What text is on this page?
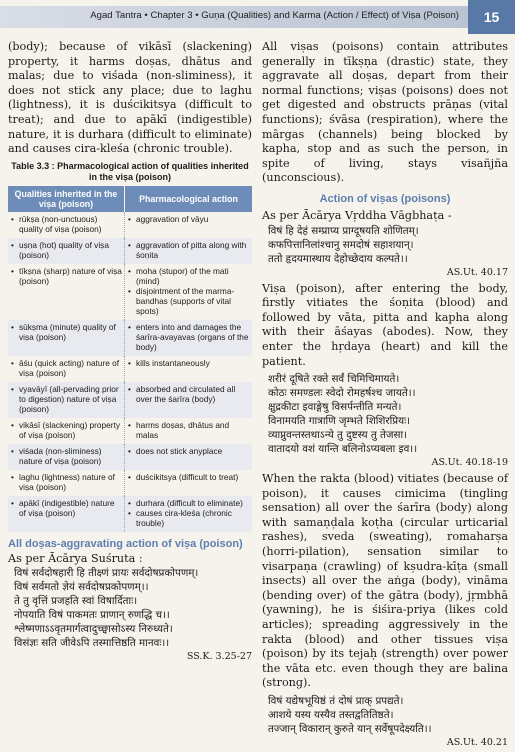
Agad Tantra • Chapter 3 • Guṇa (Qualities) and Karma (Action / Effect) of Viṣa (Poison)	15

(body); because of vikāsī (slackening) property, it harms doṣas, dhātus and malas; due to viśada (non-sliminess), it does not stick any place; due to laghu (lightness), it is duścikitsya (difficult to treat); and due to apākī (indigestible) nature, it is durhara (difficult to eliminate) and causes cira-kleśa (chronic trouble).

Table 3.3 : Pharmacological action of qualities inherited in the viṣa (poison)
Qualities inherited in the viṣa (poison)	Pharmacological action

• rūkṣa (non-unctuous) quality of viṣa (poison)	• aggravation of vāyu

• uṣṇa (hot) quality of viṣa (poison)	• aggravation of pitta along with śoṇita

• tīkṣṇa (sharp) nature of viṣa (poison)	• moha (stupor) of the mati (mind)
• disjointment of the marma-bandhas (supports of vital spots)

• sūkṣma (minute) quality of viṣa (poison)	• enters into and damages the śarīra-avayavas (organs of the body)

• āśu (quick acting) nature of viṣa (poison)	• kills instantaneously

• vyavāyī (all-pervading prior to digestion) nature of viṣa (poison)	• absorbed and circulated all over the śarīra (body)

• vikāsī (slackening) property of viṣa (poison)	• harms doṣas, dhātus and malas

• viśada (non-sliminess) nature of viṣa (poison)	• does not stick anyplace

• laghu (lightness) nature of viṣa (poison)	• duścikitsya (difficult to treat)

• apākī (indigestible) nature of viṣa (poison)	• durhara (difficult to eliminate)
• causes cira-kleśa (chronic trouble)
All doṣas-aggravating action of viṣa (poison)

As per Ācārya Suśruta :

विषं सर्वदोषहारी हि तीक्ष्णं प्रायः सर्वदोषप्रकोपणम्।
विषं सर्वमतो ज्ञेयं सर्वदोषप्रकोपणम्।।
ते तु वृत्तिं प्रजहति स्वां विषार्दिताः।
नोपयाति विषं पाकमतः प्राणान् रुणद्धि च।।
श्लेष्मणाऽऽवृतमार्गत्वादुच्छ्वासोऽस्य निरुध्यते।
विसंज्ञः सति जीवेऽपि तस्मात्तिष्ठति मानवः।।
SS.K. 3.25-27

All viṣas (poisons) contain attributes generally in tīkṣṇa (drastic) state, they aggravate all doṣas, depart from their normal functions; viṣas (poisons) does not get digested and obstructs prāṇas (vital functions); śvāsa (respiration), where the mārgas (channels) being blocked by kapha, stop and as such the person, in spite of living, stays visañjña (unconscious).

Action of viṣas (poisons)

As per Ācārya Vṛddha Vāgbhaṭa -

विषं हि देहं सम्प्राप्य प्राग्दूषयति शोणितम्।
कफपित्तानिलांश्चानु समदोषं सहाशयान्।
ततो हृदयमास्थाय देहोच्छेदाय कल्पते।।
AS.Ut. 40.17

Viṣa (poison), after entering the body, firstly vitiates the śoṇita (blood) and followed by vāta, pitta and kapha along with their āśayas (abodes). Now, they enter the hṛdaya (heart) and kill the patient.

शरीरं दूषिते रक्ते सर्वं चिमिचिमायते।
कोठः समण्डलः स्वेदो रोमहर्षश्च जायते।।
क्षुद्रकीटा इवाङ्गेषु विसर्पन्तीति मन्यते।
विनामयति गात्राणि जृम्भते शिशिरप्रियः।
व्याप्नुवन्तस्तथाऽन्ये तु दुष्टस्य तु तेजसा।
वातादयो वशं यान्ति बलिनोऽप्यबला इव।।
AS.Ut. 40.18-19

When the rakta (blood) vitiates (because of poison), it causes cimicima (tingling sensation) all over the śarīra (body) along with samaṇḍala koṭha (circular urticarial rashes), sveda (sweating), romaharṣa (horri-pilation), sensation similar to visarpaṇa (crawling) of kṣudra-kīṭa (small insects) all over the aṅga (body), vināma (bending over) of the gātra (body), jṛmbhā (yawning), he is śiśira-priya (likes cold articles); spreading aggressively in the rakta (blood) and other tissues viṣa (poison) by its tejaḥ (strength) over power the vāta etc. even though they are balina (strong).

विषं यद्येषभूयिष्ठं तं दोषं प्राक् प्रपद्यते।
आशये यस्य यस्यैव तस्तद्वतितिष्ठते।
तज्जान् विकारान् कुरुते यान् सर्वेषूपदेक्ष्यति।।
AS.Ut. 40.21
